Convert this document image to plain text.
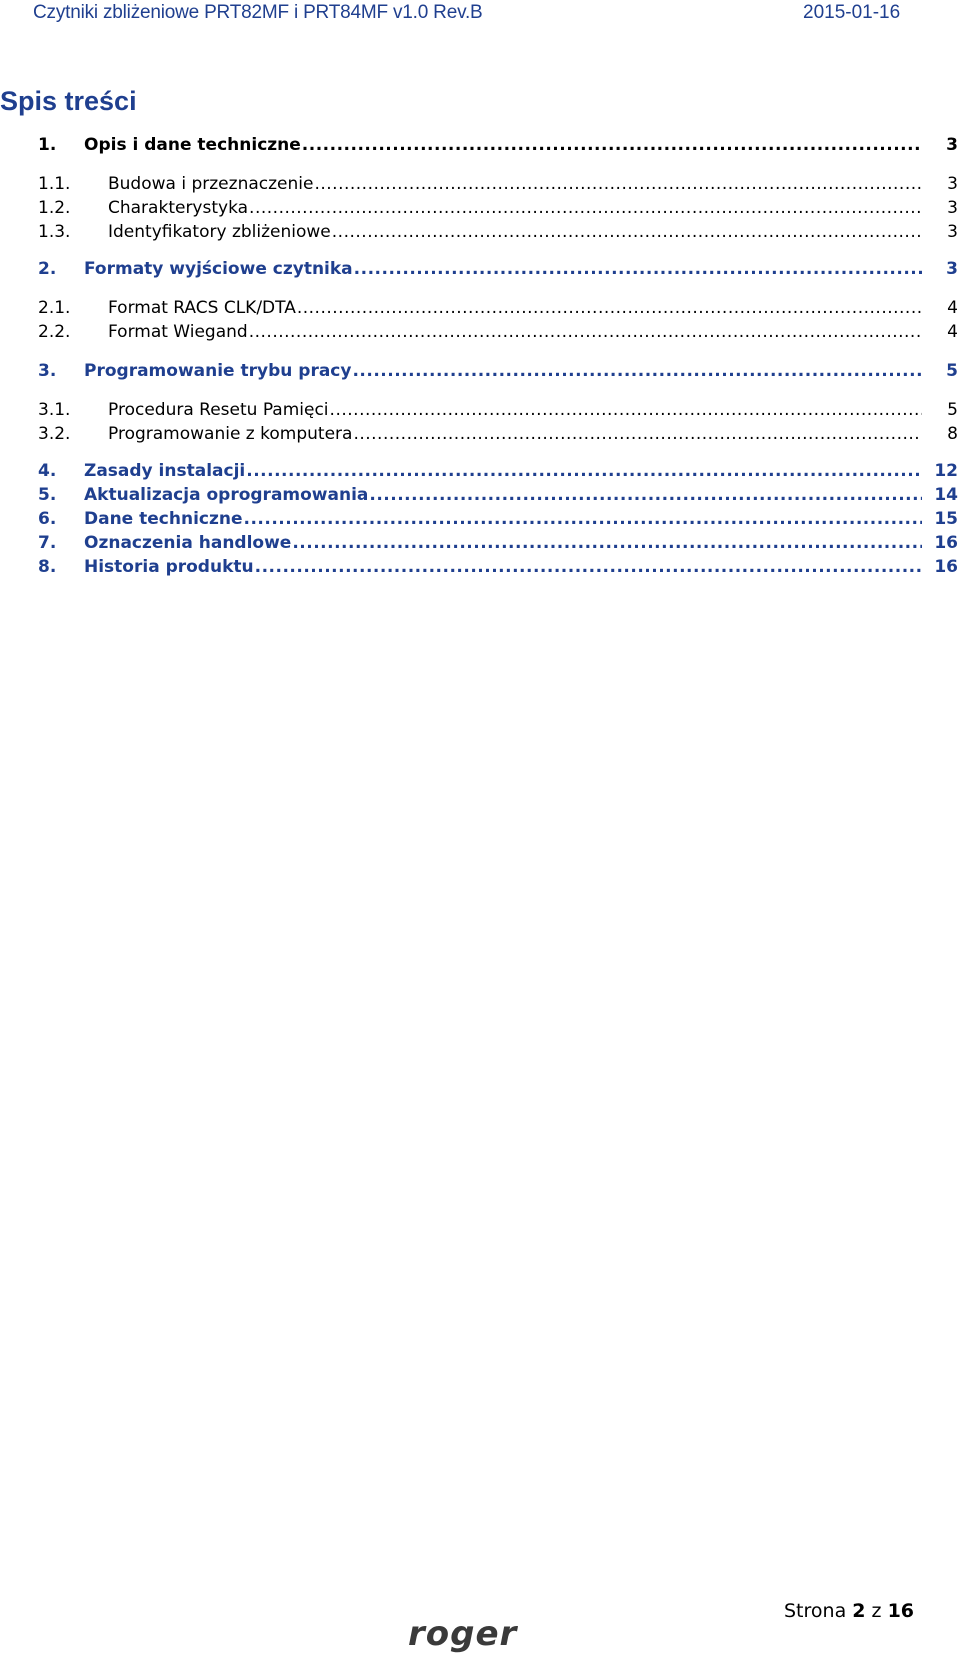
Czytniki zbliżeniowe PRT82MF i PRT84MF v1.0 Rev.B	2015-01-16
Spis treści
1.	Opis i dane techniczne .....	3
1.1.	Budowa i przeznaczenie .....	3
1.2.	Charakterystyka .....	3
1.3.	Identyfikatory zbliżeniowe .....	3
2.	Formaty wyjściowe czytnika .....	3
2.1.	Format RACS CLK/DTA .....	4
2.2.	Format Wiegand .....	4
3.	Programowanie trybu pracy .....	5
3.1.	Procedura Resetu Pamięci .....	5
3.2.	Programowanie z komputera .....	8
4.	Zasady instalacji .....	12
5.	Aktualizacja oprogramowania .....	14
6.	Dane techniczne .....	15
7.	Oznaczenia handlowe .....	16
8.	Historia produktu .....	16
Strona 2 z 16
roger
